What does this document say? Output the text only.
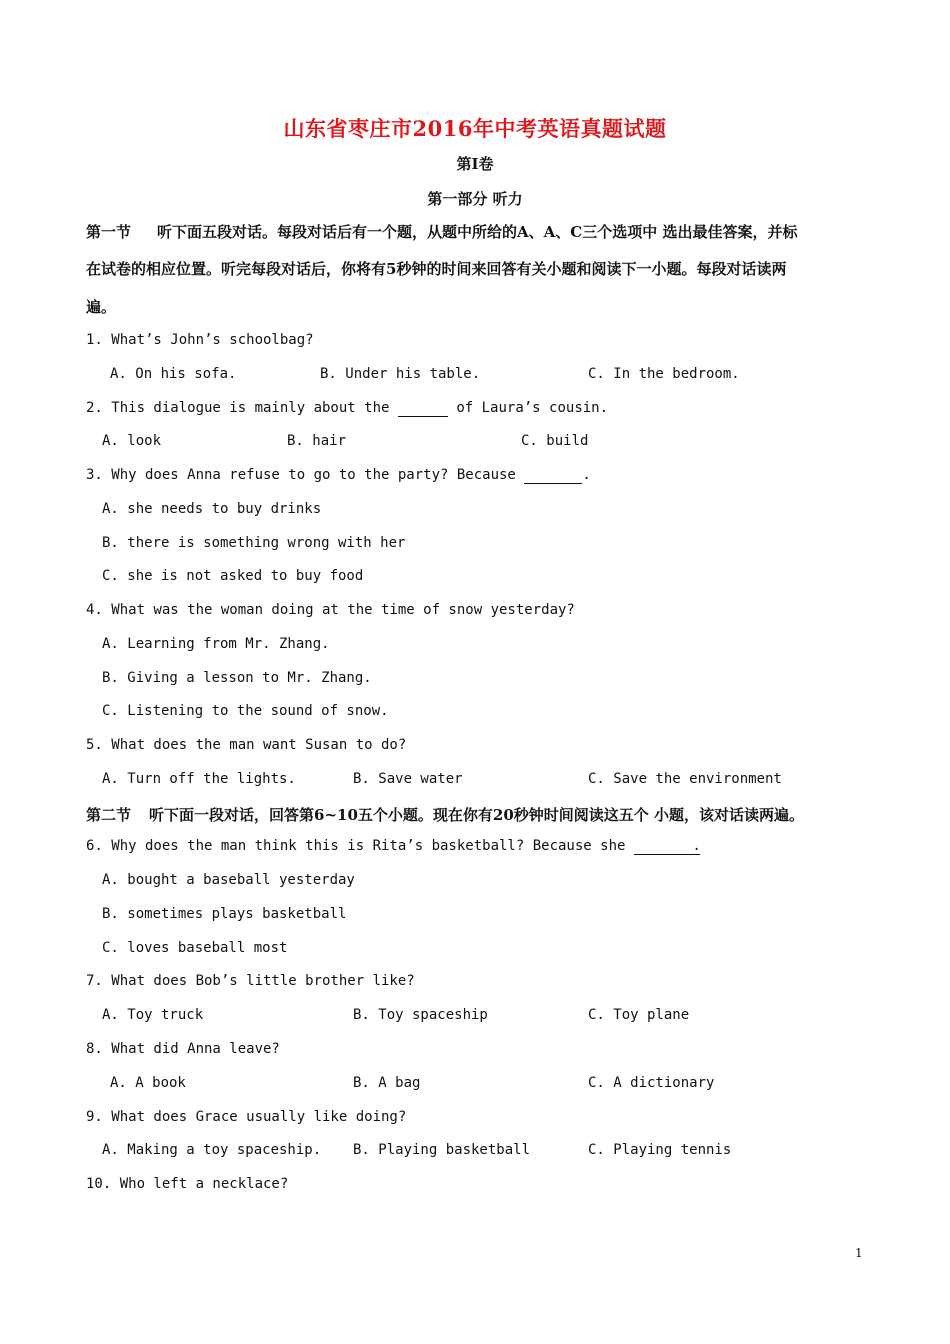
山东省枣庄市2016年中考英语真题试题
第Ⅰ卷
第一部分 听力
第一节 听下面五段对话。每段对话后有一个题，从题中所给的A、A、C三个选项中 选出最佳答案，并标
在试卷的相应位置。听完每段对话后，你将有5秒钟的时间来回答有关小题和阅读下一小题。每段对话读两
遍。
1. What’s John’s schoolbag?
A. On his sofa.	B. Under his table.	C. In the bedroom.
2. This dialogue is mainly about the	of Laura’s cousin.
A. look	B. hair	C. build
3. Why does Anna refuse to go to the party? Because	.
A. she needs to buy drinks
B. there is something wrong with her
C. she is not asked to buy food
4. What was the woman doing at the time of snow yesterday?
A. Learning from Mr. Zhang.
B. Giving a lesson to Mr. Zhang.
C. Listening to the sound of snow.
5. What does the man want Susan to do?
A. Turn off the lights.	B. Save water	C. Save the environment
第二节 听下面一段对话，回答第6~10五个小题。现在你有20秒钟时间阅读这五个 小题，该对话读两遍。
6. Why does the man think this is Rita’s basketball? Because she	.
A. bought a baseball yesterday
B. sometimes plays basketball
C. loves baseball most
7. What does Bob’s little brother like?
A. Toy truck	B. Toy spaceship	C. Toy plane
8. What did Anna leave?
A. A book	B. A bag	C. A dictionary
9. What does Grace usually like doing?
A. Making a toy spaceship. B. Playing basketball	C. Playing tennis
10. Who left a necklace?
1
